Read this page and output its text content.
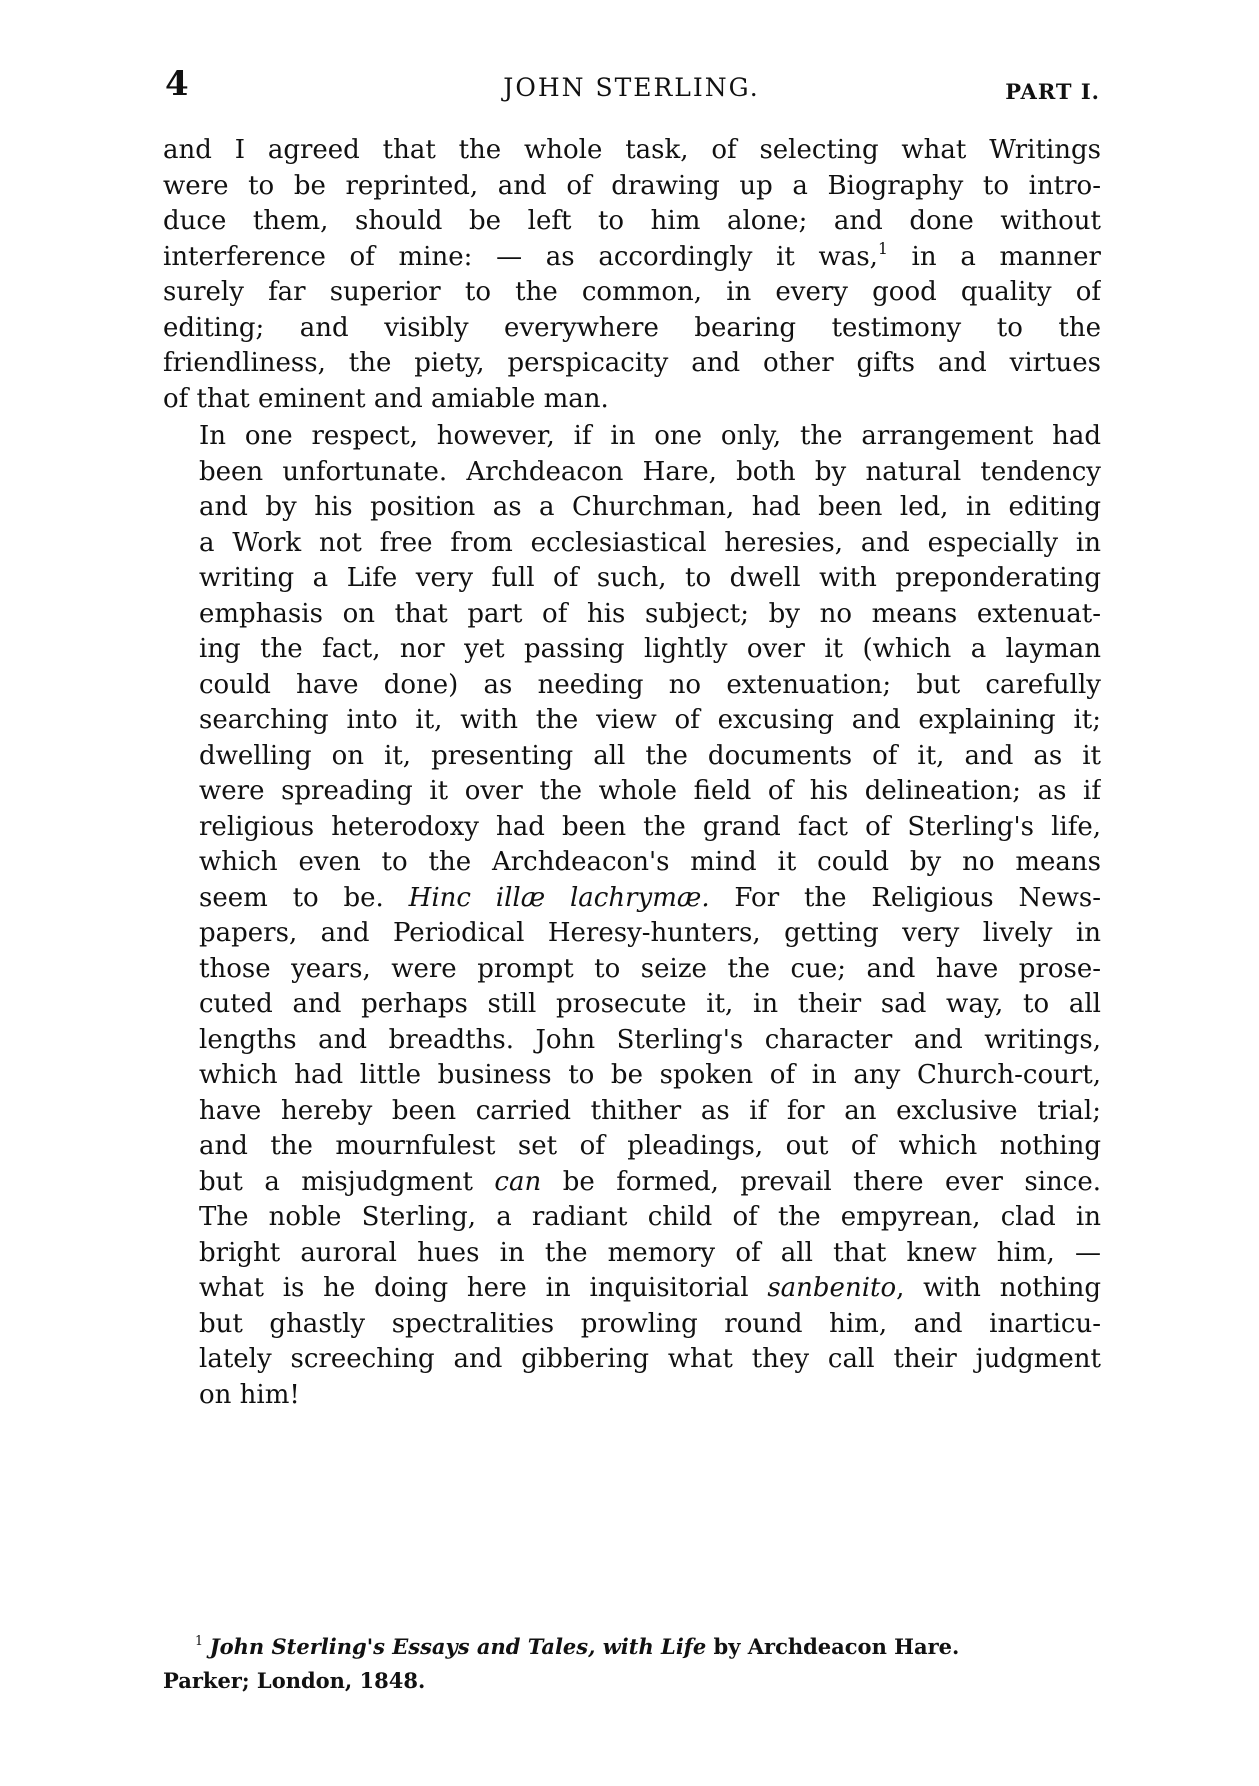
4	JOHN STERLING.	PART I.

and I agreed that the whole task, of selecting what Writings
were to be reprinted, and of drawing up a Biography to intro-
duce them, should be left to him alone; and done without
interference of mine: — as accordingly it was,$^1$ in a manner
surely far superior to the common, in every good quality of
editing; and visibly everywhere bearing testimony to the
friendliness, the piety, perspicacity and other gifts and virtues
of that eminent and amiable man.

In one respect, however, if in one only, the arrangement had
been unfortunate. Archdeacon Hare, both by natural tendency
and by his position as a Churchman, had been led, in editing
a Work not free from ecclesiastical heresies, and especially in
writing a Life very full of such, to dwell with preponderating
emphasis on that part of his subject; by no means extenuat-
ing the fact, nor yet passing lightly over it (which a layman
could have done) as needing no extenuation; but carefully
searching into it, with the view of excusing and explaining it;
dwelling on it, presenting all the documents of it, and as it
were spreading it over the whole field of his delineation; as if
religious heterodoxy had been the grand fact of Sterling's life,
which even to the Archdeacon's mind it could by no means
seem to be. Hinc illæ lachrymæ. For the Religious News-
papers, and Periodical Heresy-hunters, getting very lively in
those years, were prompt to seize the cue; and have prose-
cuted and perhaps still prosecute it, in their sad way, to all
lengths and breadths. John Sterling's character and writings,
which had little business to be spoken of in any Church-court,
have hereby been carried thither as if for an exclusive trial;
and the mournfulest set of pleadings, out of which nothing
but a misjudgment can be formed, prevail there ever since.
The noble Sterling, a radiant child of the empyrean, clad in
bright auroral hues in the memory of all that knew him, —
what is he doing here in inquisitorial sanbenito, with nothing
but ghastly spectralities prowling round him, and inarticu-
lately screeching and gibbering what they call their judgment
on him!

$^1$ John Sterling's Essays and Tales, with Life by Archdeacon Hare.
Parker; London, 1848.
